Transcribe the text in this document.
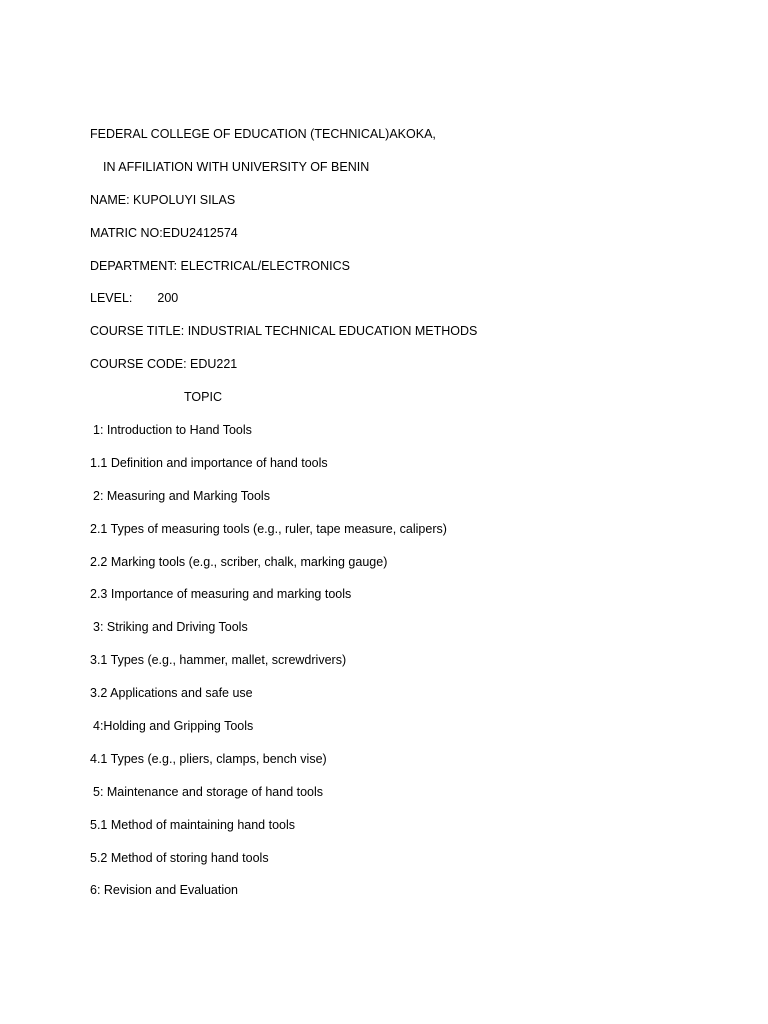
FEDERAL COLLEGE OF EDUCATION (TECHNICAL)AKOKA,
IN AFFILIATION WITH UNIVERSITY OF BENIN
NAME: KUPOLUYI SILAS
MATRIC NO:EDU2412574
DEPARTMENT: ELECTRICAL/ELECTRONICS
LEVEL: 200
COURSE TITLE: INDUSTRIAL TECHNICAL EDUCATION METHODS
COURSE CODE: EDU221
TOPIC
1: Introduction to Hand Tools
1.1 Definition and importance of hand tools
2: Measuring and Marking Tools
2.1 Types of measuring tools (e.g., ruler, tape measure, calipers)
2.2 Marking tools (e.g., scriber, chalk, marking gauge)
2.3 Importance of measuring and marking tools
3: Striking and Driving Tools
3.1 Types (e.g., hammer, mallet, screwdrivers)
3.2 Applications and safe use
4:Holding and Gripping Tools
4.1 Types (e.g., pliers, clamps, bench vise)
5: Maintenance and storage of hand tools
5.1 Method of maintaining hand tools
5.2 Method of storing hand tools
6: Revision and Evaluation
